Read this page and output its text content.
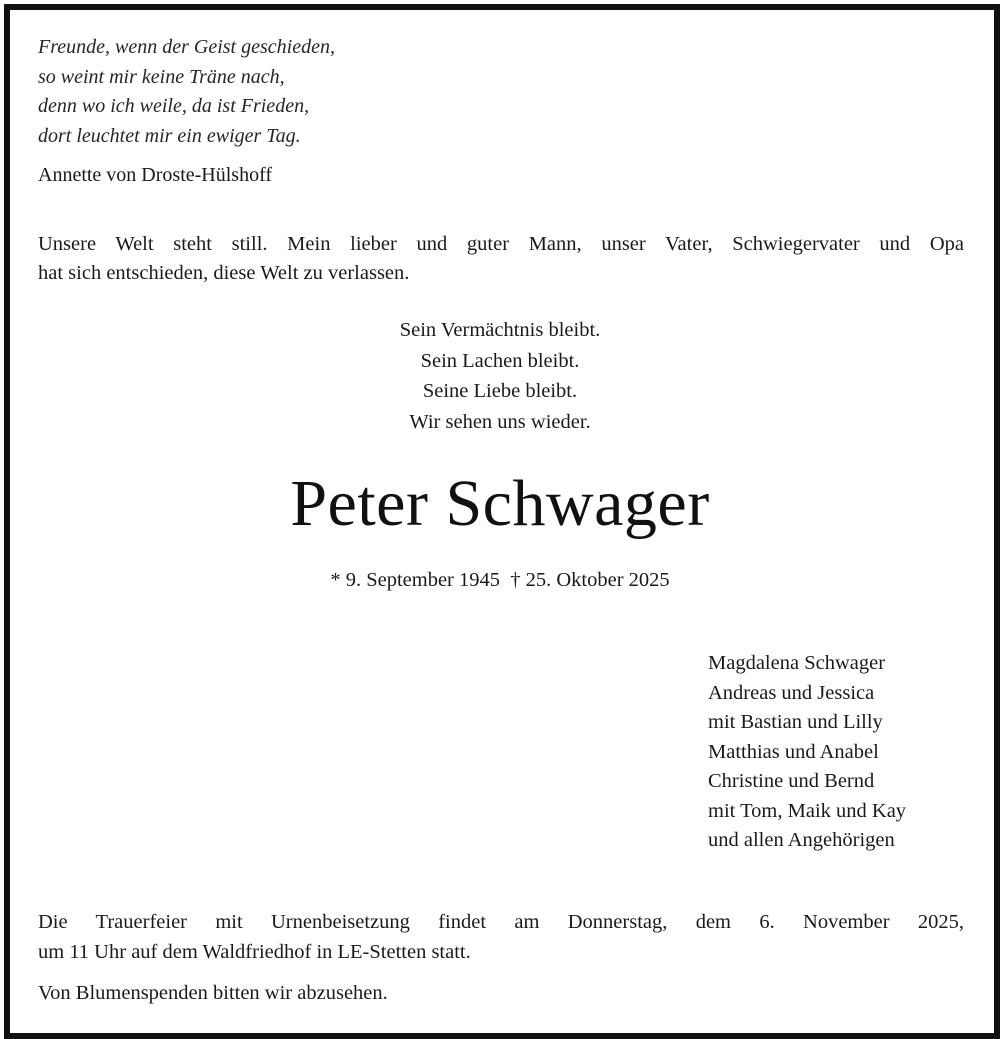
Freunde, wenn der Geist geschieden,
so weint mir keine Träne nach,
denn wo ich weile, da ist Frieden,
dort leuchtet mir ein ewiger Tag.
Annette von Droste-Hülshoff
Unsere Welt steht still. Mein lieber und guter Mann, unser Vater, Schwiegervater und Opa
hat sich entschieden, diese Welt zu verlassen.
Sein Vermächtnis bleibt.
Sein Lachen bleibt.
Seine Liebe bleibt.
Wir sehen uns wieder.
Peter Schwager
* 9. September 1945  † 25. Oktober 2025
Magdalena Schwager
Andreas und Jessica
mit Bastian und Lilly
Matthias und Anabel
Christine und Bernd
mit Tom, Maik und Kay
und allen Angehörigen
Die Trauerfeier mit Urnenbeisetzung findet am Donnerstag, dem 6. November 2025,
um 11 Uhr auf dem Waldfriedhof in LE-Stetten statt.
Von Blumenspenden bitten wir abzusehen.
